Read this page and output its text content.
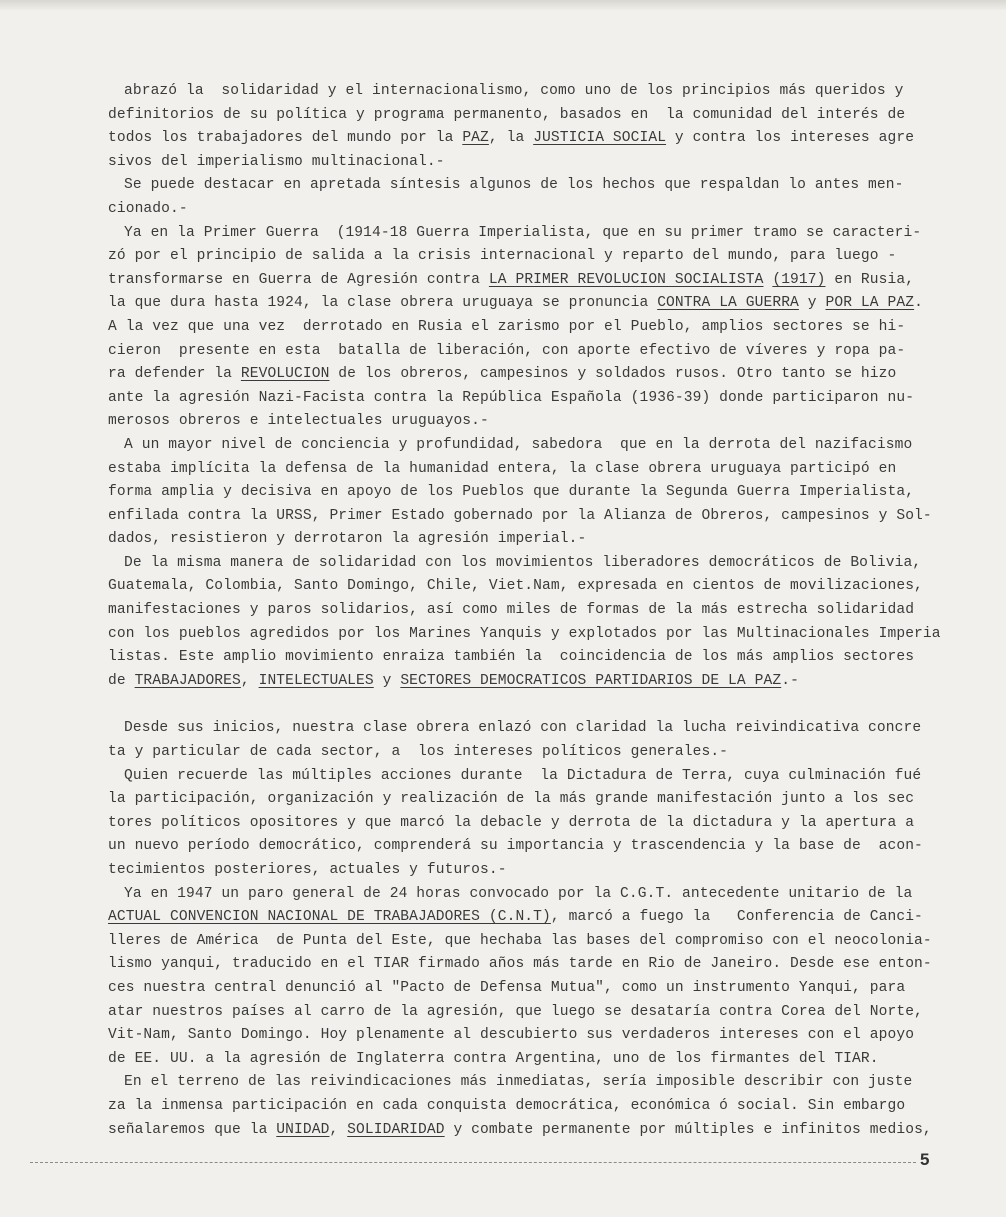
abrazó la  solidaridad y el internacionalismo, como uno de los principios más queridos y
definitorios de su política y programa permanento, basados en  la comunidad del interés de
todos los trabajadores del mundo por la PAZ, la JUSTICIA SOCIAL y contra los intereses agre
sivos del imperialismo multinacional.-
Se puede destacar en apretada síntesis algunos de los hechos que respaldan lo antes men-
cionado.-
Ya en la Primer Guerra  (1914-18 Guerra Imperialista, que en su primer tramo se caracteri-
zó por el principio de salida a la crisis internacional y reparto del mundo, para luego -
transformarse en Guerra de Agresión contra LA PRIMER REVOLUCION SOCIALISTA (1917) en Rusia,
la que dura hasta 1924, la clase obrera uruguaya se pronuncia CONTRA LA GUERRA y POR LA PAZ.
A la vez que una vez  derrotado en Rusia el zarismo por el Pueblo, amplios sectores se hi-
cieron  presente en esta  batalla de liberación, con aporte efectivo de víveres y ropa pa-
ra defender la REVOLUCION de los obreros, campesinos y soldados rusos. Otro tanto se hizo
ante la agresión Nazi-Facista contra la República Española (1936-39) donde participaron nu-
merosos obreros e intelectuales uruguayos.-
A un mayor nivel de conciencia y profundidad, sabedora  que en la derrota del nazifacismo
estaba implícita la defensa de la humanidad entera, la clase obrera uruguaya participó en
forma amplia y decisiva en apoyo de los Pueblos que durante la Segunda Guerra Imperialista,
enfilada contra la URSS, Primer Estado gobernado por la Alianza de Obreros, campesinos y Sol-
dados, resistieron y derrotaron la agresión imperial.-
De la misma manera de solidaridad con los movimientos liberadores democráticos de Bolivia,
Guatemala, Colombia, Santo Domingo, Chile, Viet.Nam, expresada en cientos de movilizaciones,
manifestaciones y paros solidarios, así como miles de formas de la más estrecha solidaridad
con los pueblos agredidos por los Marines Yanquis y explotados por las Multinacionales Imperia
listas. Este amplio movimiento enraiza también la  coincidencia de los más amplios sectores
de TRABAJADORES, INTELECTUALES y SECTORES DEMOCRATICOS PARTIDARIOS DE LA PAZ.-
Desde sus inicios, nuestra clase obrera enlazó con claridad la lucha reivindicativa concre
ta y particular de cada sector, a  los intereses políticos generales.-
Quien recuerde las múltiples acciones durante  la Dictadura de Terra, cuya culminación fué
la participación, organización y realización de la más grande manifestación junto a los sec
tores políticos opositores y que marcó la debacle y derrota de la dictadura y la apertura a
un nuevo período democrático, comprenderá su importancia y trascendencia y la base de  acon-
tecimientos posteriores, actuales y futuros.-
Ya en 1947 un paro general de 24 horas convocado por la C.G.T. antecedente unitario de la
ACTUAL CONVENCION NACIONAL DE TRABAJADORES (C.N.T), marcó a fuego la   Conferencia de Canci-
lleres de América  de Punta del Este, que hechaba las bases del compromiso con el neocolonia-
lismo yanqui, traducido en el TIAR firmado años más tarde en Rio de Janeiro. Desde ese enton-
ces nuestra central denunció al "Pacto de Defensa Mutua", como un instrumento Yanqui, para
atar nuestros países al carro de la agresión, que luego se desataría contra Corea del Norte,
Vit-Nam, Santo Domingo. Hoy plenamente al descubierto sus verdaderos intereses con el apoyo
de EE. UU. a la agresión de Inglaterra contra Argentina, uno de los firmantes del TIAR.
En el terreno de las reivindicaciones más inmediatas, sería imposible describir con juste
za la inmensa participación en cada conquista democrática, económica ó social. Sin embargo
señalaremos que la UNIDAD, SOLIDARIDAD y combate permanente por múltiples e infinitos medios,
5
